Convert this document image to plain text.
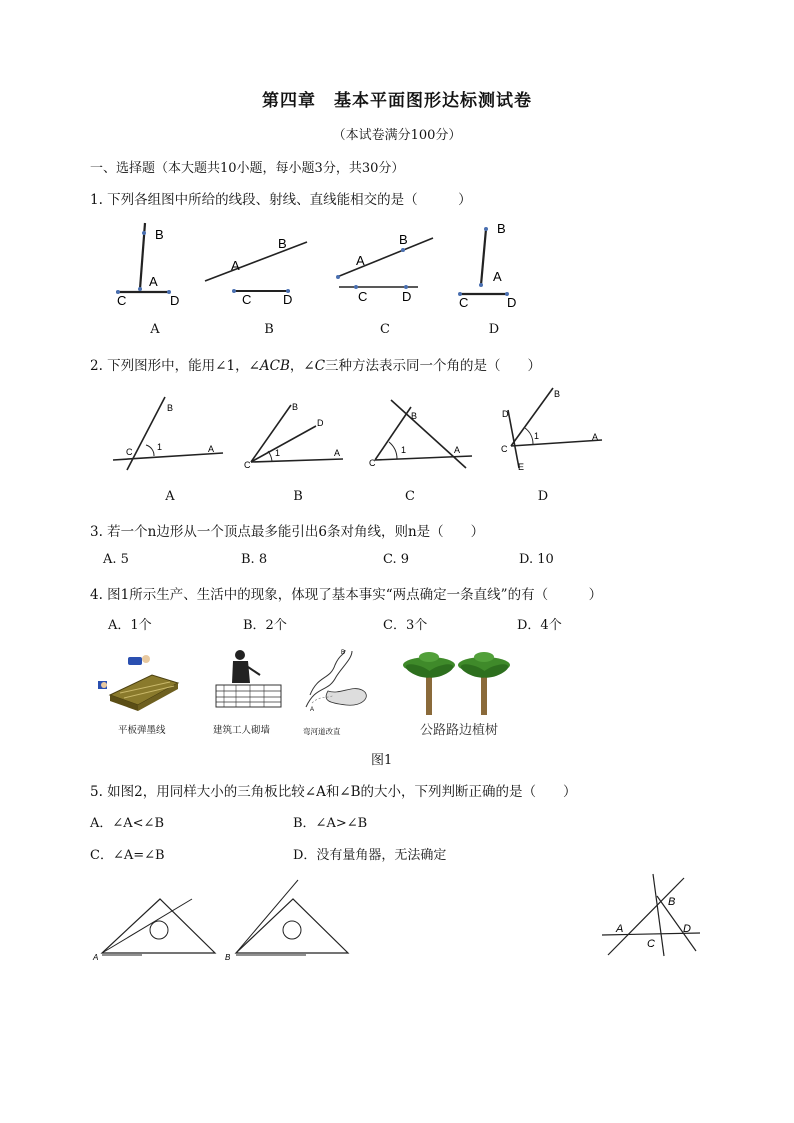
第四章　基本平面图形达标测试卷
（本试卷满分100分）
一、选择题（本大题共10小题，每小题3分，共30分）
1. 下列各组图中所给的线段、射线、直线能相交的是（　　　）
B
A
C	D
A
B
C D
A
B
C	D
B
A
C	D
A	B	C	D
2. 下列图形中，能用∠1，∠ACB，∠C三种方法表示同一个角的是（　　）
B
C	1	A
B
D
C
1	A
B
C
1	A
B
D
C
E
1	A
A	B	C	D
3. 若一个n边形从一个顶点最多能引出6条对角线，则n是（　　）
A. 5	B. 8	C. 9	D. 10
4. 图1所示生产、生活中的现象，体现了基本事实“两点确定一条直线”的有（　　　）
A．1个	B．2个	C．3个	D．4个
A
B
平板弹墨线	建筑工人砌墙	弯河道改直	公路路边植树
图1
5. 如图2，用同样大小的三角板比较∠A和∠B的大小，下列判断正确的是（　　）
A．∠A<∠B	B．∠A>∠B
C．∠A=∠B	D．没有量角器，无法确定
A	B
B
A
C
D
